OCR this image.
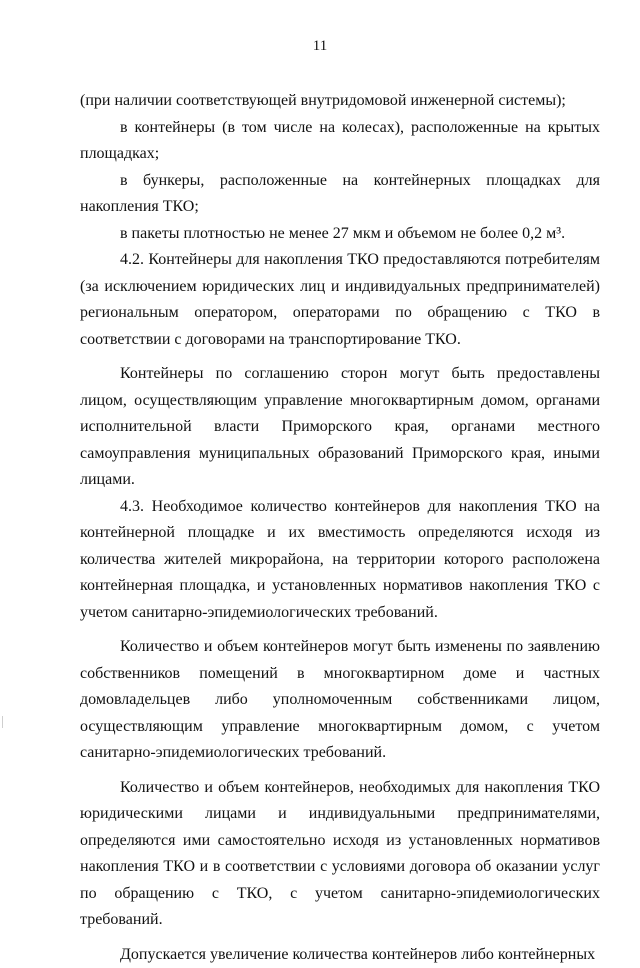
11

(при наличии соответствующей внутридомовой инженерной системы);

в контейнеры (в том числе на колесах), расположенные на крытых площадках;

в бункеры, расположенные на контейнерных площадках для накопления ТКО;

в пакеты плотностью не менее 27 мкм и объемом не более 0,2 м³.

4.2. Контейнеры для накопления ТКО предоставляются потребителям (за исключением юридических лиц и индивидуальных предпринимателей) региональным оператором, операторами по обращению с ТКО в соответствии с договорами на транспортирование ТКО.

Контейнеры по соглашению сторон могут быть предоставлены лицом, осуществляющим управление многоквартирным домом, органами исполнительной власти Приморского края, органами местного самоуправления муниципальных образований Приморского края, иными лицами.

4.3. Необходимое количество контейнеров для накопления ТКО на контейнерной площадке и их вместимость определяются исходя из количества жителей микрорайона, на территории которого расположена контейнерная площадка, и установленных нормативов накопления ТКО с учетом санитарно-эпидемиологических требований.

Количество и объем контейнеров могут быть изменены по заявлению собственников помещений в многоквартирном доме и частных домовладельцев либо уполномоченным собственниками лицом, осуществляющим управление многоквартирным домом, с учетом санитарно-эпидемиологических требований.

Количество и объем контейнеров, необходимых для накопления ТКО юридическими лицами и индивидуальными предпринимателями, определяются ими самостоятельно исходя из установленных нормативов накопления ТКО и в соответствии с условиями договора об оказании услуг по обращению с ТКО, с учетом санитарно-эпидемиологических требований.

Допускается увеличение количества контейнеров либо контейнерных
